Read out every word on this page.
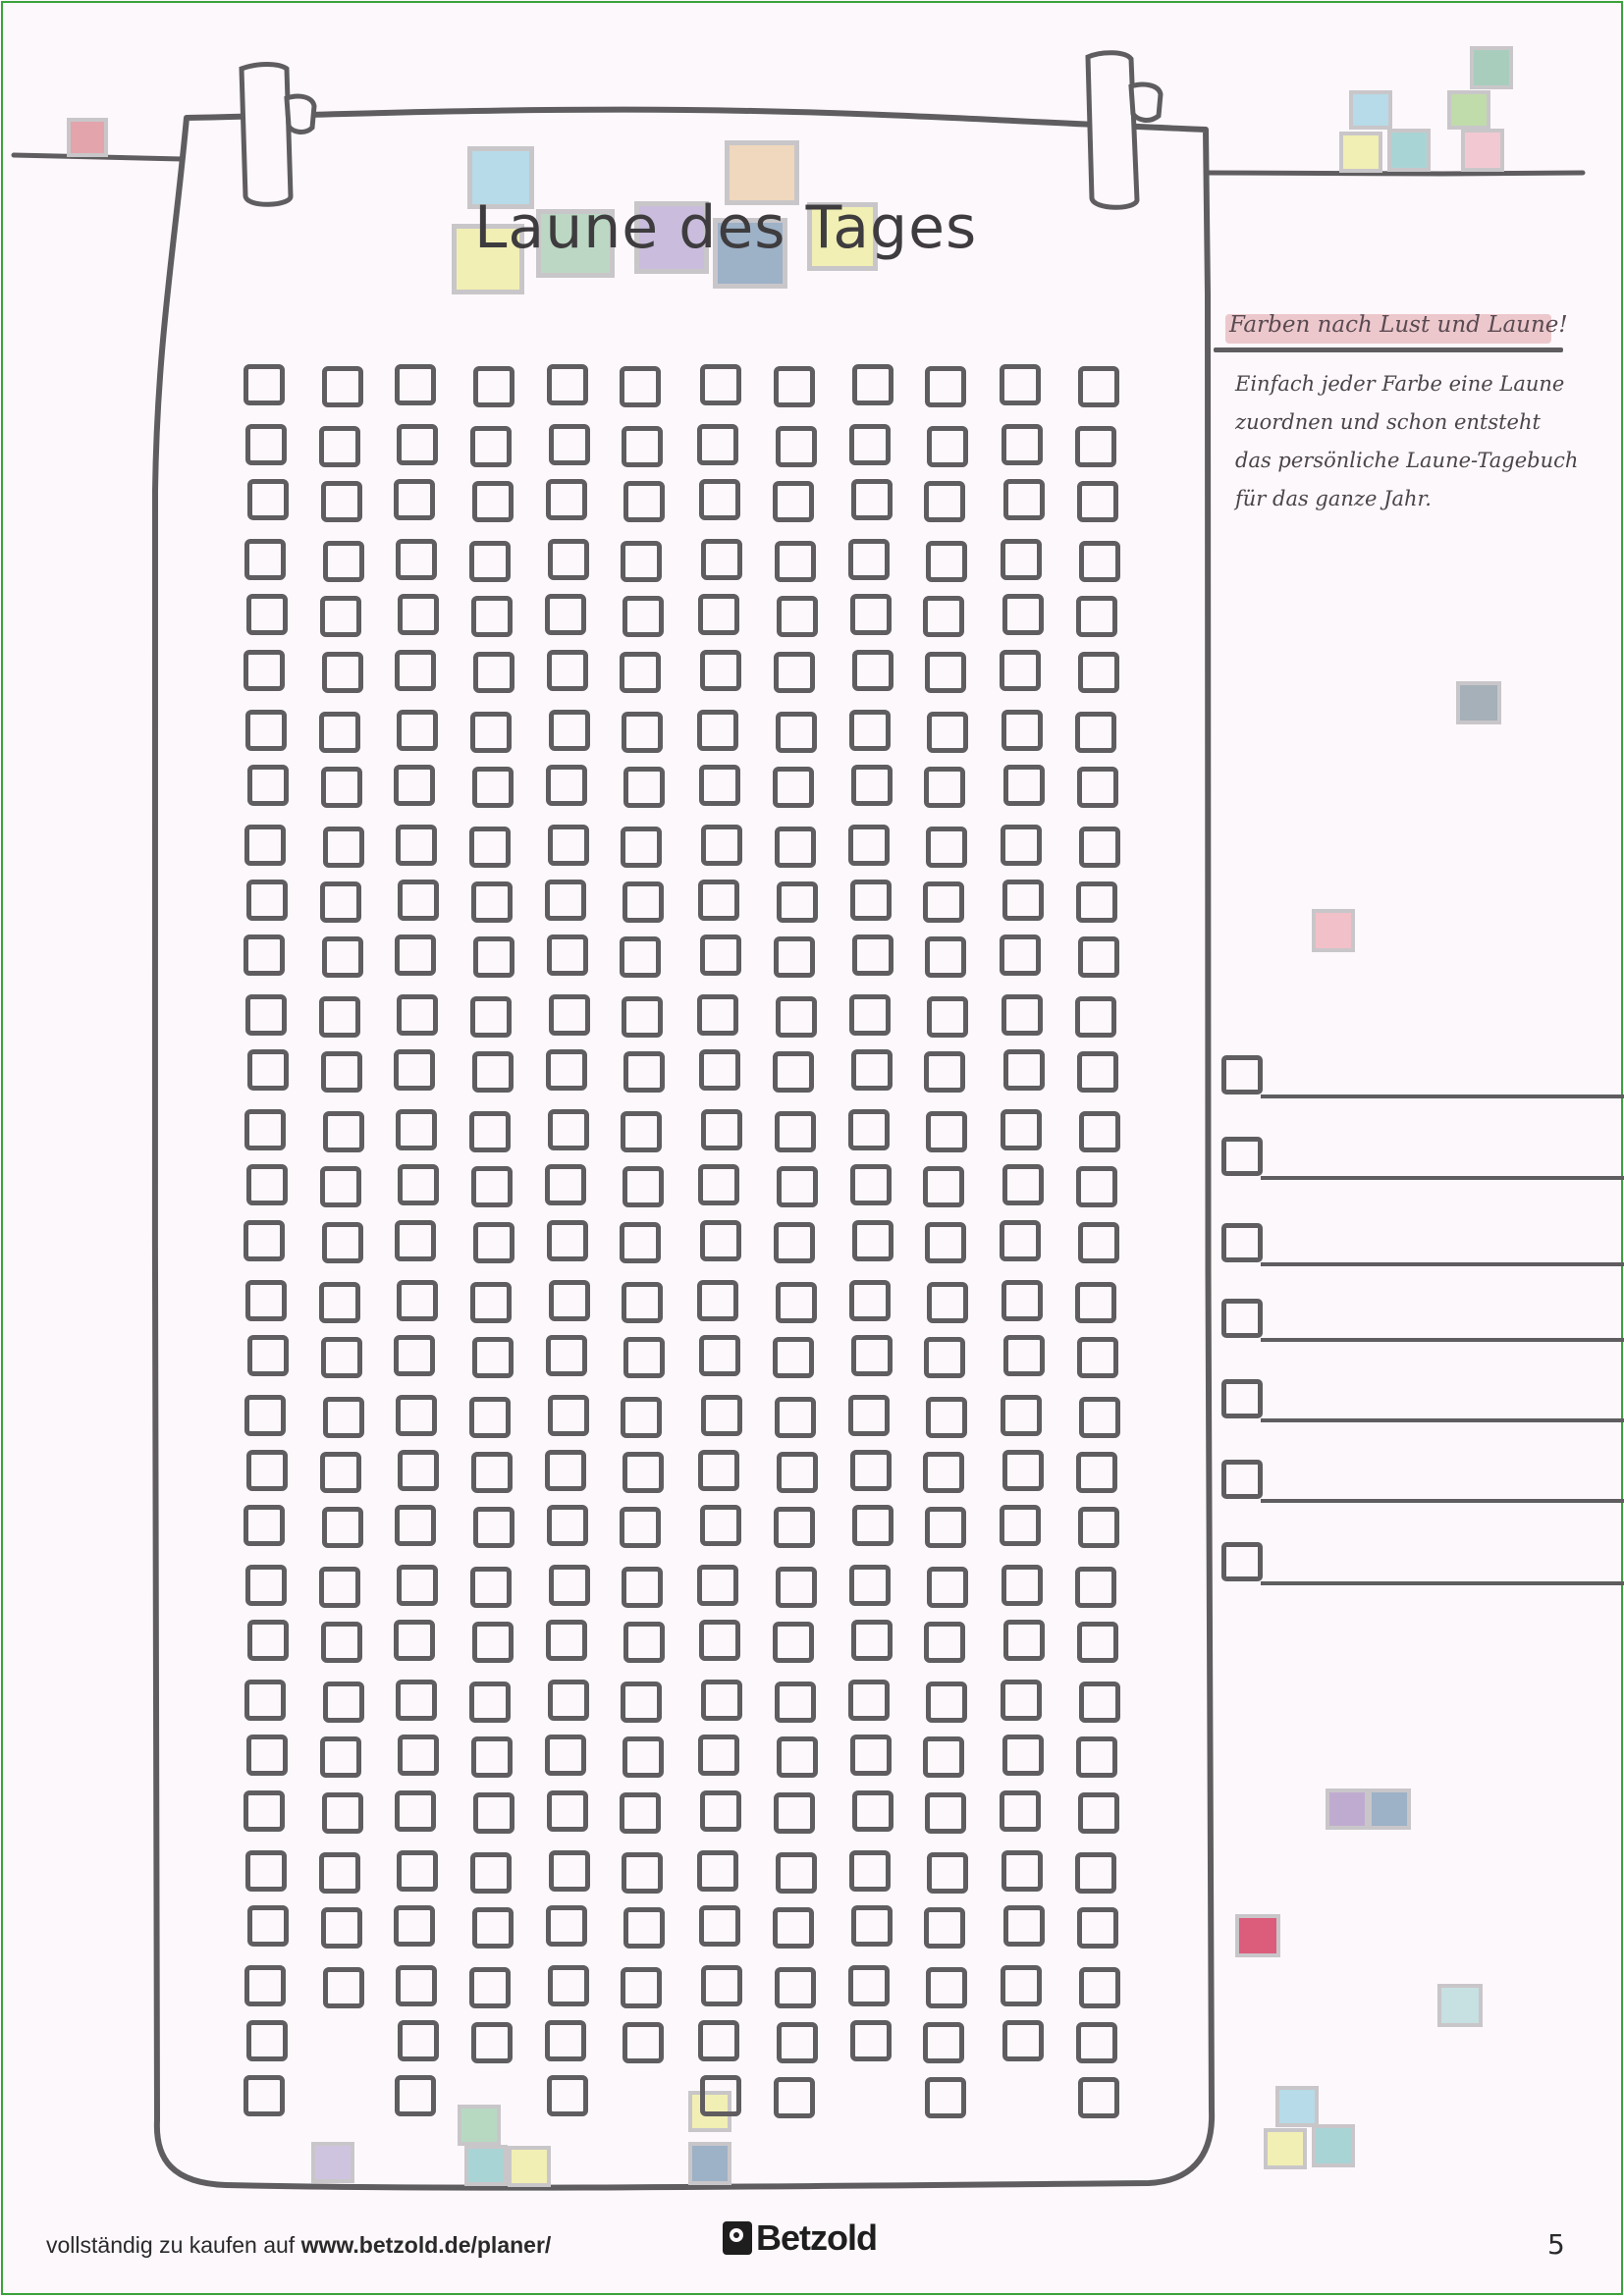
Laune des Tages

Farben nach Lust und Laune!

Einfach jeder Farbe eine Laune
zuordnen und schon entsteht
das persönliche Laune-Tagebuch
für das ganze Jahr.
vollständig zu kaufen auf www.betzold.de/planer/	Betzold	5
